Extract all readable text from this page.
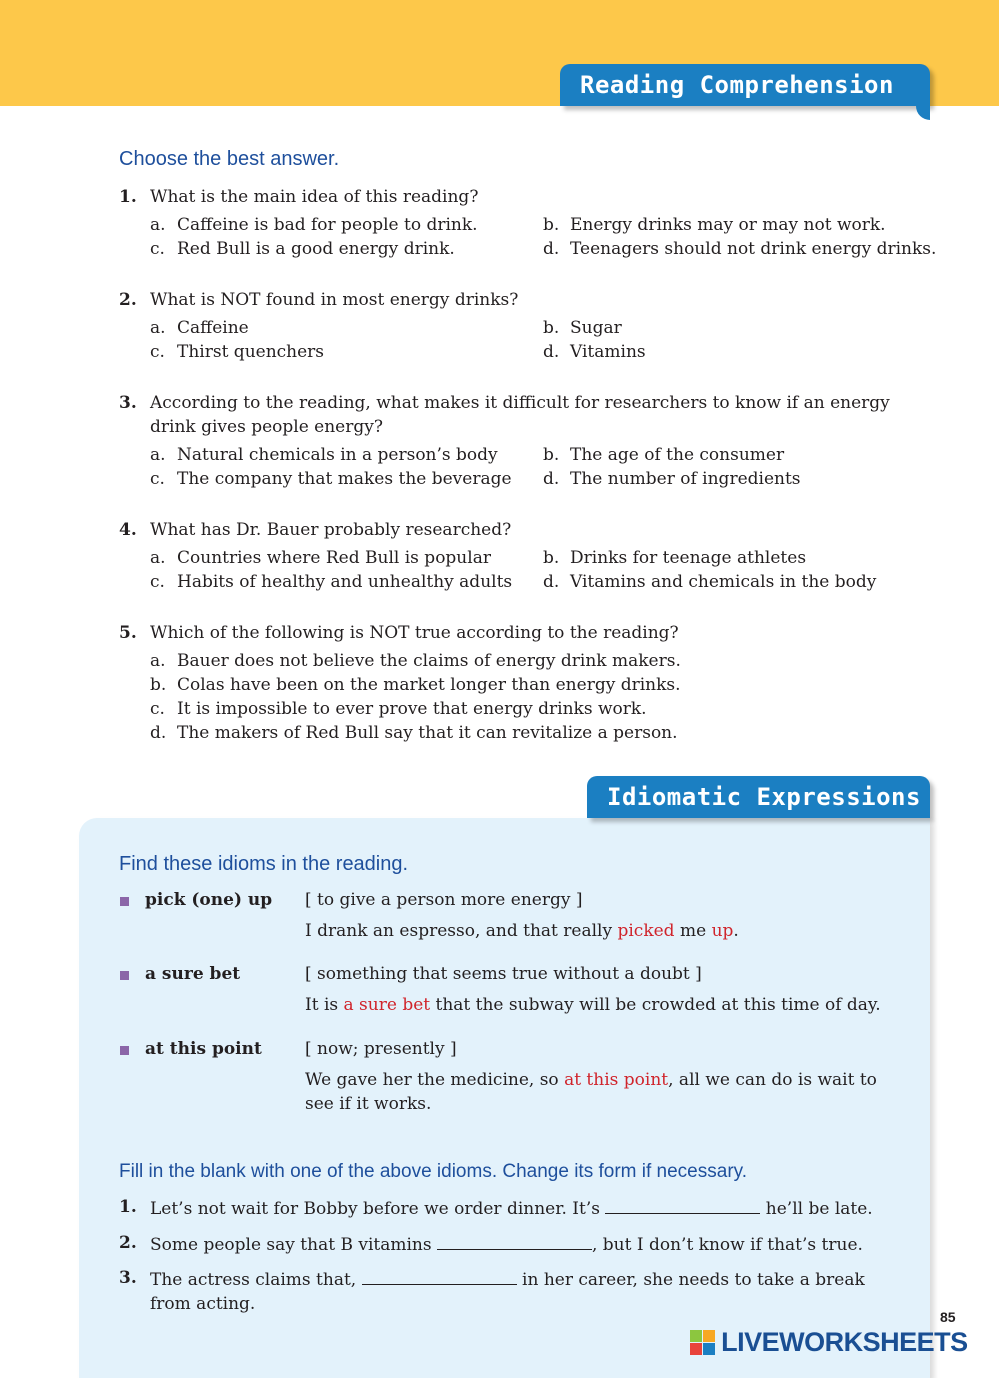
Reading Comprehension
Choose the best answer.
1. What is the main idea of this reading?
a. Caffeine is bad for people to drink.	b. Energy drinks may or may not work.
c. Red Bull is a good energy drink.	d. Teenagers should not drink energy drinks.
2. What is NOT found in most energy drinks?
a. Caffeine	b. Sugar
c. Thirst quenchers	d. Vitamins
3. According to the reading, what makes it difficult for researchers to know if an energy drink gives people energy?
a. Natural chemicals in a person’s body	b. The age of the consumer
c. The company that makes the beverage d. The number of ingredients
4. What has Dr. Bauer probably researched?
a. Countries where Red Bull is popular	b. Drinks for teenage athletes
c. Habits of healthy and unhealthy adults d. Vitamins and chemicals in the body
5. Which of the following is NOT true according to the reading?
a. Bauer does not believe the claims of energy drink makers.
b. Colas have been on the market longer than energy drinks.
c. It is impossible to ever prove that energy drinks work.
d. The makers of Red Bull say that it can revitalize a person.
Idiomatic Expressions
Find these idioms in the reading.
pick (one) up [ to give a person more energy ]
I drank an espresso, and that really picked me up.
a sure bet	[ something that seems true without a doubt ]
It is a sure bet that the subway will be crowded at this time of day.
at this point	[ now; presently ]
We gave her the medicine, so at this point, all we can do is wait to see if it works.
Fill in the blank with one of the above idioms. Change its form if necessary.
1. Let’s not wait for Bobby before we order dinner. It’s	he’ll be late.
2. Some people say that B vitamins	, but I don’t know if that’s true.
3. The actress claims that,	in her career, she needs to take a break from acting.
85
LIVEWORKSHEETS
